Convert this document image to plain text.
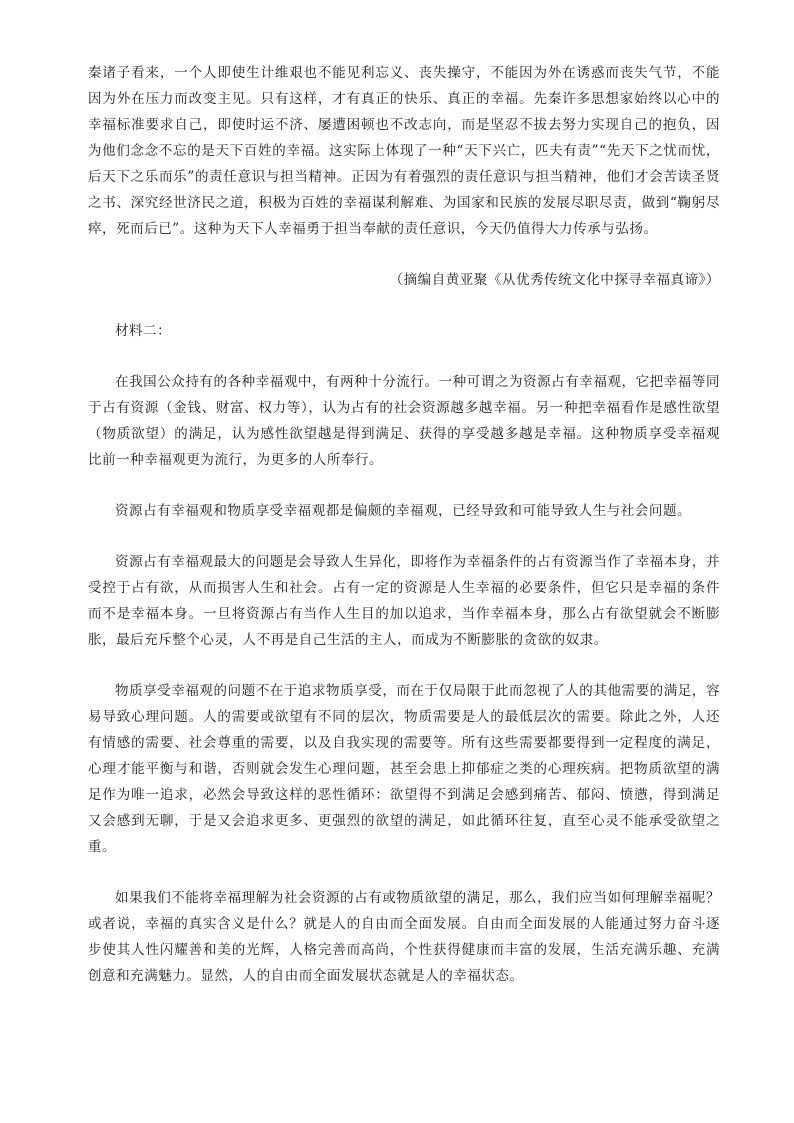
秦诸子看来，一个人即使生计维艰也不能见利忘义、丧失操守，不能因为外在诱惑而丧失气节，不能因为外在压力而改变主见。只有这样，才有真正的快乐、真正的幸福。先秦许多思想家始终以心中的幸福标准要求自己，即使时运不济、屡遭困顿也不改志向，而是坚忍不拔去努力实现自己的抱负，因为他们念念不忘的是天下百姓的幸福。这实际上体现了一种“天下兴亡，匹夫有责”“先天下之忧而忧，后天下之乐而乐”的责任意识与担当精神。正因为有着强烈的责任意识与担当精神，他们才会苦读圣贤之书、深究经世济民之道，积极为百姓的幸福谋利解难、为国家和民族的发展尽职尽责，做到“鞠躬尽瘁，死而后已”。这种为天下人幸福勇于担当奉献的责任意识，今天仍值得大力传承与弘扬。

（摘编自黄亚聚《从优秀传统文化中探寻幸福真谛》）

材料二：

在我国公众持有的各种幸福观中，有两种十分流行。一种可谓之为资源占有幸福观，它把幸福等同于占有资源（金钱、财富、权力等），认为占有的社会资源越多越幸福。另一种把幸福看作是感性欲望（物质欲望）的满足，认为感性欲望越是得到满足、获得的享受越多越是幸福。这种物质享受幸福观比前一种幸福观更为流行，为更多的人所奉行。

资源占有幸福观和物质享受幸福观都是偏颇的幸福观，已经导致和可能导致人生与社会问题。

资源占有幸福观最大的问题是会导致人生异化，即将作为幸福条件的占有资源当作了幸福本身，并受控于占有欲，从而损害人生和社会。占有一定的资源是人生幸福的必要条件，但它只是幸福的条件而不是幸福本身。一旦将资源占有当作人生目的加以追求，当作幸福本身，那么占有欲望就会不断膨胀，最后充斥整个心灵，人不再是自己生活的主人，而成为不断膨胀的贪欲的奴隶。

物质享受幸福观的问题不在于追求物质享受，而在于仅局限于此而忽视了人的其他需要的满足，容易导致心理问题。人的需要或欲望有不同的层次，物质需要是人的最低层次的需要。除此之外，人还有情感的需要、社会尊重的需要，以及自我实现的需要等。所有这些需要都要得到一定程度的满足，心理才能平衡与和谐，否则就会发生心理问题，甚至会患上抑郁症之类的心理疾病。把物质欲望的满足作为唯一追求，必然会导致这样的恶性循环：欲望得不到满足会感到痛苦、郁闷、愤懑，得到满足又会感到无聊，于是又会追求更多、更强烈的欲望的满足，如此循环往复，直至心灵不能承受欲望之重。

如果我们不能将幸福理解为社会资源的占有或物质欲望的满足，那么，我们应当如何理解幸福呢？或者说，幸福的真实含义是什么？就是人的自由而全面发展。自由而全面发展的人能通过努力奋斗逐步使其人性闪耀善和美的光辉，人格完善而高尚，个性获得健康而丰富的发展，生活充满乐趣、充满创意和充满魅力。显然，人的自由而全面发展状态就是人的幸福状态。
